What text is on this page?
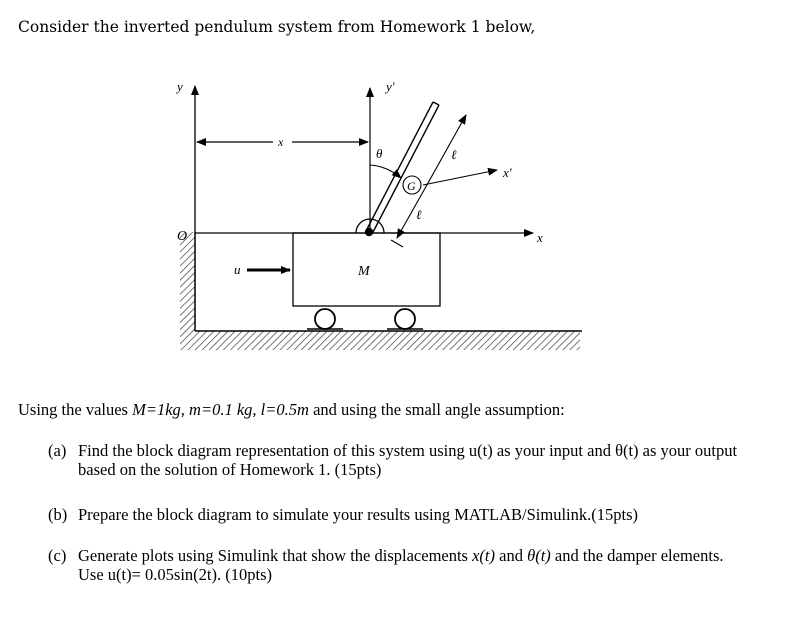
Consider the inverted pendulum system from Homework 1 below,
y
x
O
M
u
x
y'
θ
G
x'
ℓ
ℓ
Using the values M=1kg, m=0.1 kg, l=0.5m and using the small angle assumption:
(a) Find the block diagram representation of this system using u(t) as your input and θ(t) as your output based on the solution of Homework 1. (15pts)
(b) Prepare the block diagram to simulate your results using MATLAB/Simulink.(15pts)
(c) Generate plots using Simulink that show the displacements x(t) and θ(t) and the damper elements. Use u(t)= 0.05sin(2t). (10pts)
